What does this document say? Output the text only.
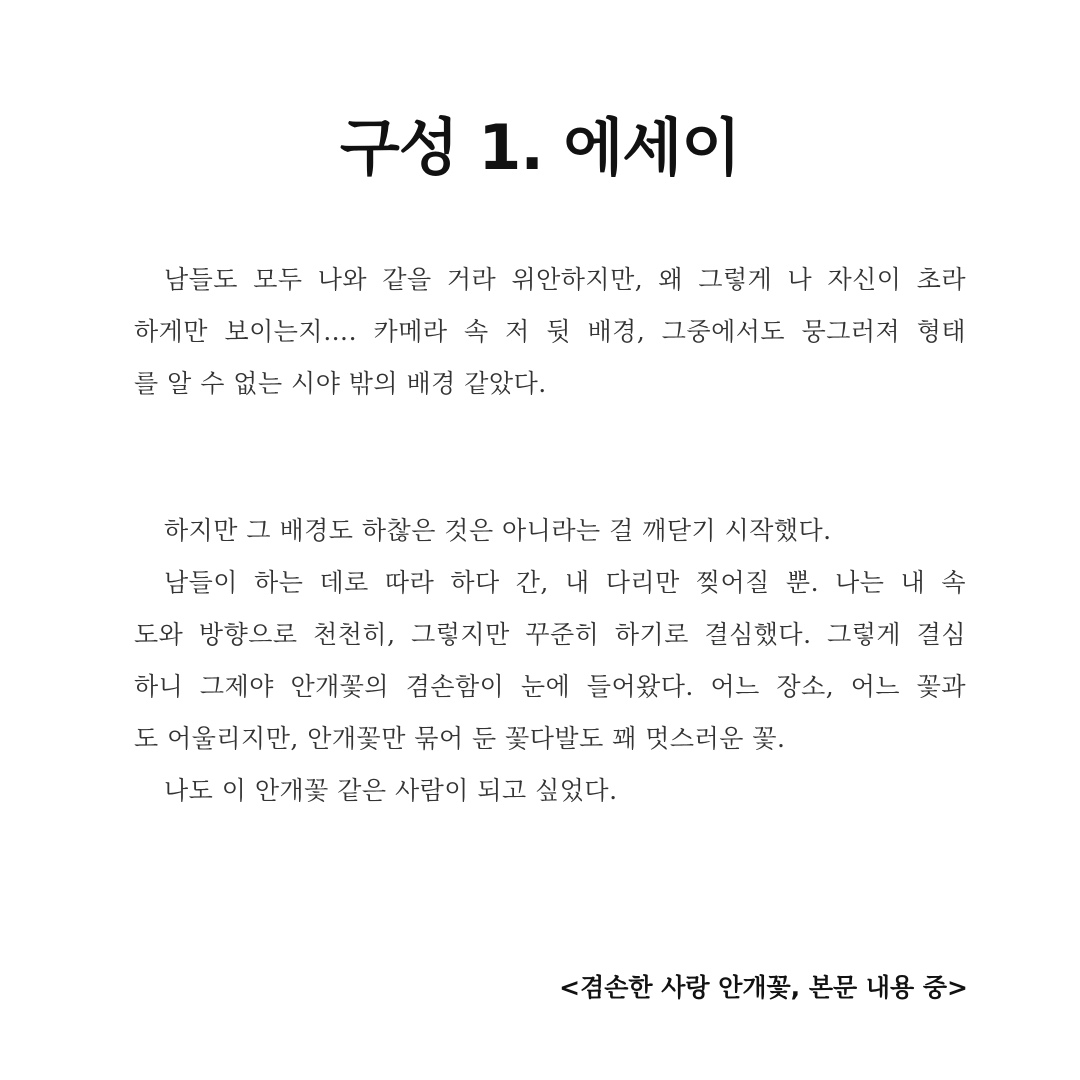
구성 1. 에세이
남들도 모두 나와 같을 거라 위안하지만, 왜 그렇게 나 자신이 초라
하게만 보이는지…. 카메라 속 저 뒷 배경, 그중에서도 뭉그러져 형태
를 알 수 없는 시야 밖의 배경 같았다.
하지만 그 배경도 하찮은 것은 아니라는 걸 깨닫기 시작했다.
남들이 하는 데로 따라 하다 간, 내 다리만 찢어질 뿐. 나는 내 속
도와 방향으로 천천히, 그렇지만 꾸준히 하기로 결심했다. 그렇게 결심
하니 그제야 안개꽃의 겸손함이 눈에 들어왔다. 어느 장소, 어느 꽃과
도 어울리지만, 안개꽃만 묶어 둔 꽃다발도 꽤 멋스러운 꽃.
나도 이 안개꽃 같은 사람이 되고 싶었다.
<겸손한 사랑 안개꽃, 본문 내용 중>
